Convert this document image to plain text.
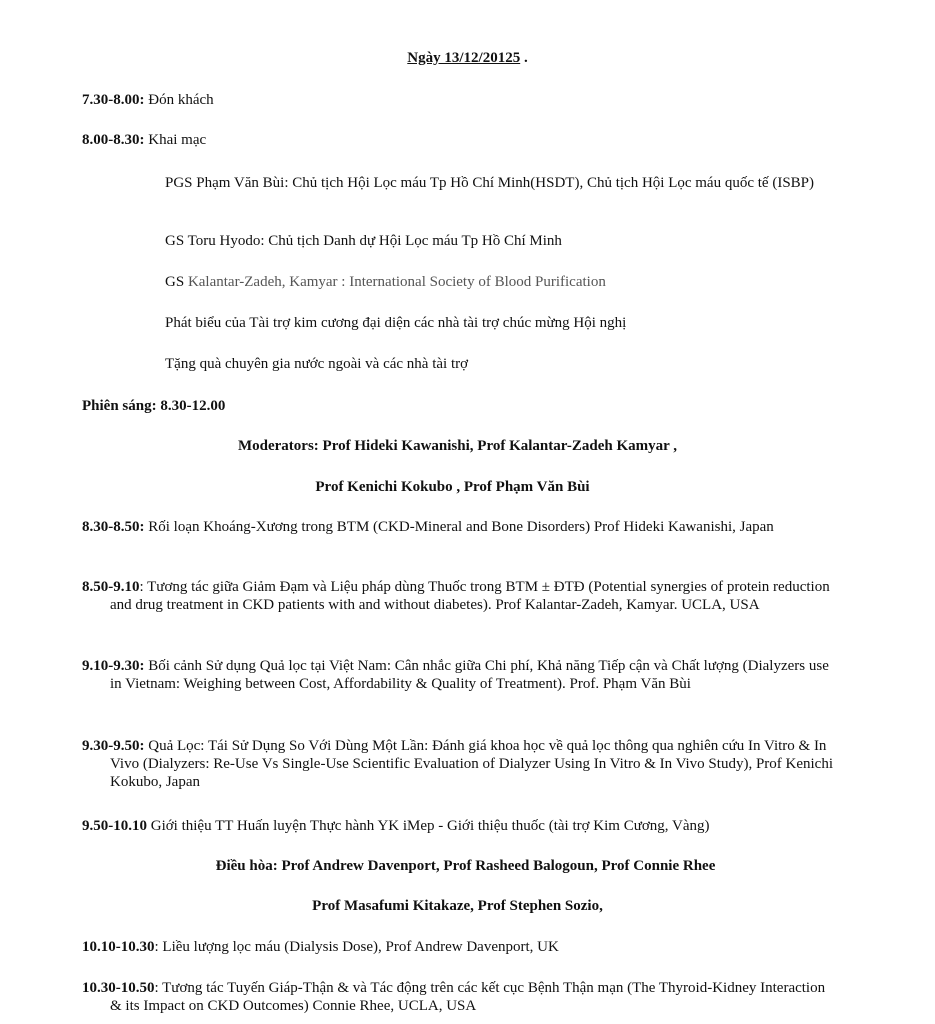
Ngày 13/12/20125 .
7.30-8.00: Đón khách
8.00-8.30: Khai mạc
PGS Phạm Văn Bùi: Chủ tịch Hội Lọc máu Tp Hồ Chí Minh(HSDT), Chủ tịch Hội Lọc máu quốc tế (ISBP)
GS Toru Hyodo: Chủ tịch Danh dự Hội Lọc máu Tp Hồ Chí Minh
GS Kalantar-Zadeh, Kamyar : International Society of Blood Purification
Phát biểu của Tài trợ kim cương đại diện các nhà tài trợ chúc mừng Hội nghị
Tặng quà chuyên gia nước ngoài và các nhà tài trợ
Phiên sáng: 8.30-12.00
Moderators: Prof Hideki Kawanishi, Prof Kalantar-Zadeh Kamyar ,
Prof Kenichi Kokubo , Prof Phạm Văn Bùi
8.30-8.50: Rối loạn Khoáng-Xương trong BTM (CKD-Mineral and Bone Disorders) Prof Hideki Kawanishi, Japan
8.50-9.10: Tương tác giữa Giảm Đạm và Liệu pháp dùng Thuốc trong BTM ± ĐTĐ (Potential synergies of protein reduction and drug treatment in CKD patients with and without diabetes). Prof Kalantar-Zadeh, Kamyar. UCLA, USA
9.10-9.30: Bối cảnh Sử dụng Quả lọc tại Việt Nam: Cân nhắc giữa Chi phí, Khả năng Tiếp cận và Chất lượng (Dialyzers use in Vietnam: Weighing between Cost, Affordability & Quality of Treatment). Prof. Phạm Văn Bùi
9.30-9.50: Quả Lọc: Tái Sử Dụng So Với Dùng Một Lần: Đánh giá khoa học về quả lọc thông qua nghiên cứu In Vitro & In Vivo (Dialyzers: Re-Use Vs Single-Use Scientific Evaluation of Dialyzer Using In Vitro & In Vivo Study), Prof Kenichi Kokubo, Japan
9.50-10.10 Giới thiệu TT Huấn luyện Thực hành YK iMep - Giới thiệu thuốc (tài trợ Kim Cương, Vàng)
Điều hòa: Prof Andrew Davenport, Prof Rasheed Balogoun, Prof Connie Rhee
Prof Masafumi Kitakaze, Prof Stephen Sozio,
10.10-10.30: Liều lượng lọc máu (Dialysis Dose), Prof Andrew Davenport, UK
10.30-10.50: Tương tác Tuyến Giáp-Thận & và Tác động trên các kết cục Bệnh Thận mạn (The Thyroid-Kidney Interaction & its Impact on CKD Outcomes) Connie Rhee, UCLA, USA
